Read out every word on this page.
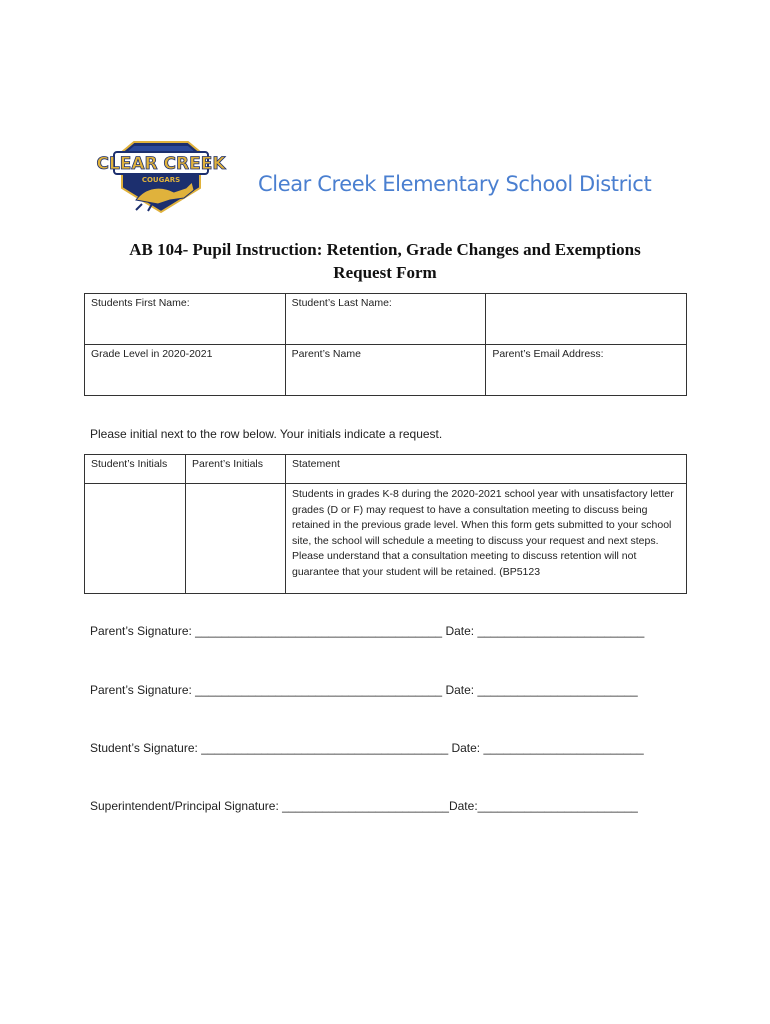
CLEAR CREEK
COUGARS	Clear Creek Elementary School District
AB 104- Pupil Instruction: Retention, Grade Changes and Exemptions
Request Form
Students First Name:	Student’s Last Name:	
Grade Level in 2020-2021	Parent’s Name	Parent’s Email Address:
Please initial next to the row below. Your initials indicate a request.
Student’s Initials	Parent’s Initials	Statement
		Students in grades K-8 during the 2020-2021 school year with unsatisfactory letter grades (D or F) may request to have a consultation meeting to discuss being retained in the previous grade level. When this form gets submitted to your school site, the school will schedule a meeting to discuss your request and next steps. Please understand that a consultation meeting to discuss retention will not guarantee that your student will be retained. (BP5123
Parent’s Signature: _____________________________________ Date: _________________________
Parent’s Signature: _____________________________________ Date: ________________________
Student’s Signature: _____________________________________ Date: ________________________
Superintendent/Principal Signature: _________________________Date:________________________
